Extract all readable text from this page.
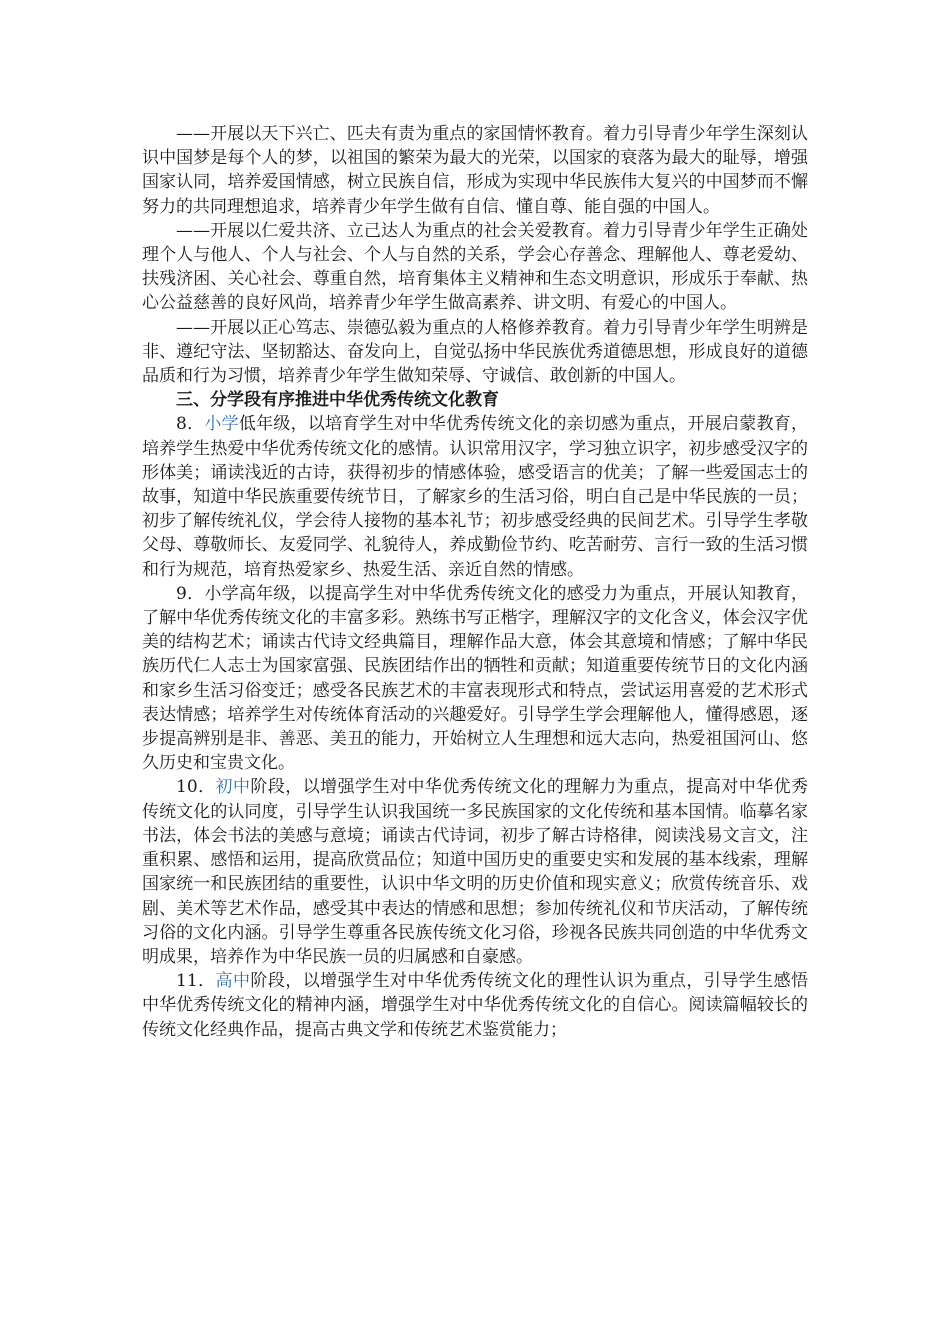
——开展以天下兴亡、匹夫有责为重点的家国情怀教育。着力引导青少年学生深刻认识中国梦是每个人的梦，以祖国的繁荣为最大的光荣，以国家的衰落为最大的耻辱，增强国家认同，培养爱国情感，树立民族自信，形成为实现中华民族伟大复兴的中国梦而不懈努力的共同理想追求，培养青少年学生做有自信、懂自尊、能自强的中国人。

——开展以仁爱共济、立己达人为重点的社会关爱教育。着力引导青少年学生正确处理个人与他人、个人与社会、个人与自然的关系，学会心存善念、理解他人、尊老爱幼、扶残济困、关心社会、尊重自然，培育集体主义精神和生态文明意识，形成乐于奉献、热心公益慈善的良好风尚，培养青少年学生做高素养、讲文明、有爱心的中国人。

——开展以正心笃志、崇德弘毅为重点的人格修养教育。着力引导青少年学生明辨是非、遵纪守法、坚韧豁达、奋发向上，自觉弘扬中华民族优秀道德思想，形成良好的道德品质和行为习惯，培养青少年学生做知荣辱、守诚信、敢创新的中国人。

三、分学段有序推进中华优秀传统文化教育

8．小学低年级，以培育学生对中华优秀传统文化的亲切感为重点，开展启蒙教育，培养学生热爱中华优秀传统文化的感情。认识常用汉字，学习独立识字，初步感受汉字的形体美；诵读浅近的古诗，获得初步的情感体验，感受语言的优美；了解一些爱国志士的故事，知道中华民族重要传统节日，了解家乡的生活习俗，明白自己是中华民族的一员；初步了解传统礼仪，学会待人接物的基本礼节；初步感受经典的民间艺术。引导学生孝敬父母、尊敬师长、友爱同学、礼貌待人，养成勤俭节约、吃苦耐劳、言行一致的生活习惯和行为规范，培育热爱家乡、热爱生活、亲近自然的情感。

9．小学高年级，以提高学生对中华优秀传统文化的感受力为重点，开展认知教育，了解中华优秀传统文化的丰富多彩。熟练书写正楷字，理解汉字的文化含义，体会汉字优美的结构艺术；诵读古代诗文经典篇目，理解作品大意，体会其意境和情感；了解中华民族历代仁人志士为国家富强、民族团结作出的牺牲和贡献；知道重要传统节日的文化内涵和家乡生活习俗变迁；感受各民族艺术的丰富表现形式和特点，尝试运用喜爱的艺术形式表达情感；培养学生对传统体育活动的兴趣爱好。引导学生学会理解他人，懂得感恩，逐步提高辨别是非、善恶、美丑的能力，开始树立人生理想和远大志向，热爱祖国河山、悠久历史和宝贵文化。

10．初中阶段，以增强学生对中华优秀传统文化的理解力为重点，提高对中华优秀传统文化的认同度，引导学生认识我国统一多民族国家的文化传统和基本国情。临摹名家书法，体会书法的美感与意境；诵读古代诗词，初步了解古诗格律，阅读浅易文言文，注重积累、感悟和运用，提高欣赏品位；知道中国历史的重要史实和发展的基本线索，理解国家统一和民族团结的重要性，认识中华文明的历史价值和现实意义；欣赏传统音乐、戏剧、美术等艺术作品，感受其中表达的情感和思想；参加传统礼仪和节庆活动，了解传统习俗的文化内涵。引导学生尊重各民族传统文化习俗，珍视各民族共同创造的中华优秀文明成果，培养作为中华民族一员的归属感和自豪感。

11．高中阶段，以增强学生对中华优秀传统文化的理性认识为重点，引导学生感悟中华优秀传统文化的精神内涵，增强学生对中华优秀传统文化的自信心。阅读篇幅较长的传统文化经典作品，提高古典文学和传统艺术鉴赏能力；
